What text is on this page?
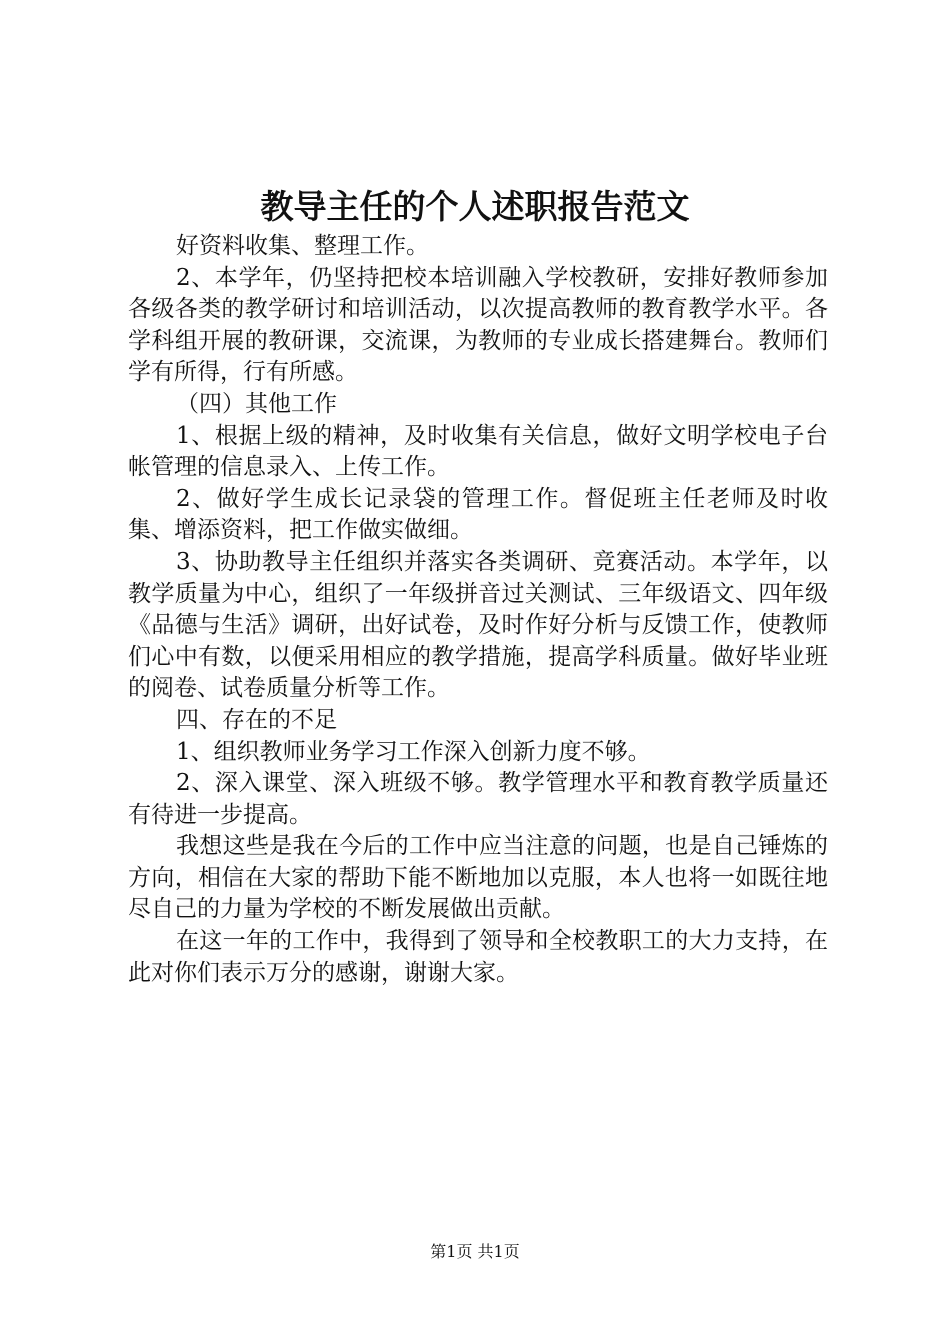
教导主任的个人述职报告范文

好资料收集、整理工作。

2、本学年，仍坚持把校本培训融入学校教研，安排好教师参加各级各类的教学研讨和培训活动，以次提高教师的教育教学水平。各学科组开展的教研课，交流课，为教师的专业成长搭建舞台。教师们学有所得，行有所感。

（四）其他工作

1、根据上级的精神，及时收集有关信息，做好文明学校电子台帐管理的信息录入、上传工作。

2、做好学生成长记录袋的管理工作。督促班主任老师及时收集、增添资料，把工作做实做细。

3、协助教导主任组织并落实各类调研、竞赛活动。本学年，以教学质量为中心，组织了一年级拼音过关测试、三年级语文、四年级《品德与生活》调研，出好试卷，及时作好分析与反馈工作，使教师们心中有数，以便采用相应的教学措施，提高学科质量。做好毕业班的阅卷、试卷质量分析等工作。

四、存在的不足

1、组织教师业务学习工作深入创新力度不够。

2、深入课堂、深入班级不够。教学管理水平和教育教学质量还有待进一步提高。

我想这些是我在今后的工作中应当注意的问题，也是自己锤炼的方向，相信在大家的帮助下能不断地加以克服，本人也将一如既往地尽自己的力量为学校的不断发展做出贡献。

在这一年的工作中，我得到了领导和全校教职工的大力支持，在此对你们表示万分的感谢，谢谢大家。

第1页 共1页
